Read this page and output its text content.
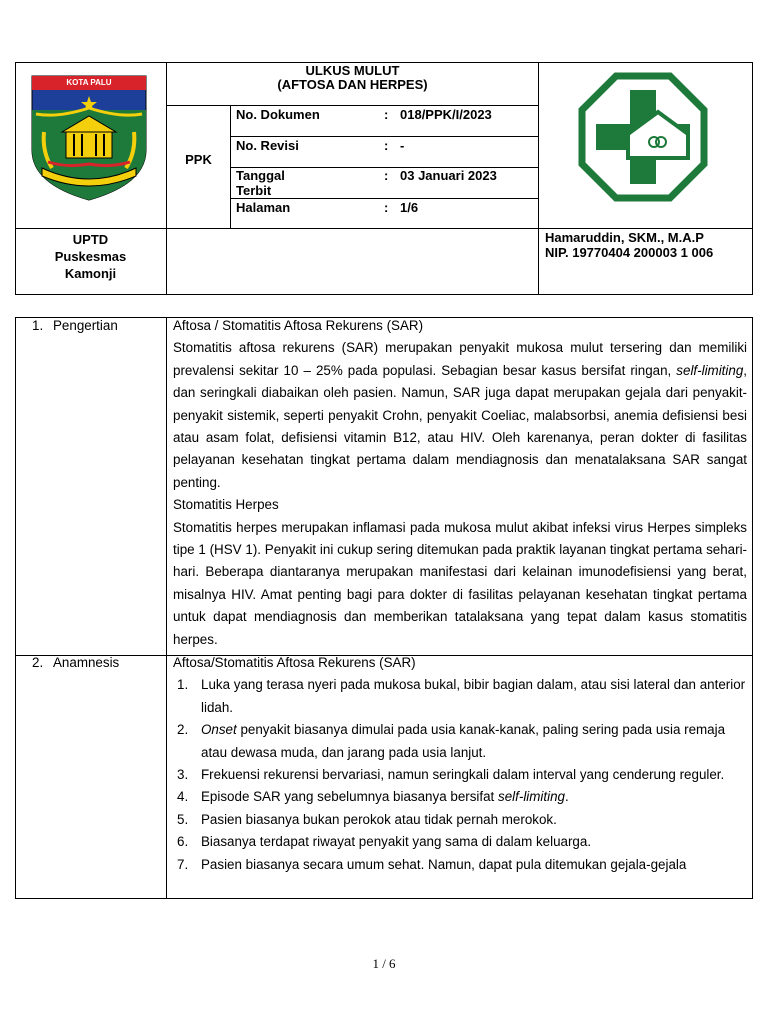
KOTA PALU
ULKUS MULUT
(AFTOSA DAN HERPES)
PPK
No. Dokumen	: 018/PPK/I/2023
No. Revisi	: -
Tanggal
Terbit
: 03 Januari 2023
Halaman	: 1/6
UPTD
Puskesmas
Kamonji
Hamaruddin, SKM., M.A.P
NIP. 19770404 200003 1 006
1. Pengertian	Aftosa / Stomatitis Aftosa Rekurens (SAR)
Stomatitis aftosa rekurens (SAR) merupakan penyakit mukosa mulut tersering dan memiliki prevalensi sekitar 10 – 25% pada populasi. Sebagian besar kasus bersifat ringan, self-limiting, dan seringkali diabaikan oleh pasien. Namun, SAR juga dapat merupakan gejala dari penyakit-penyakit sistemik, seperti penyakit Crohn, penyakit Coeliac, malabsorbsi, anemia defisiensi besi atau asam folat, defisiensi vitamin B12, atau HIV. Oleh karenanya, peran dokter di fasilitas pelayanan kesehatan tingkat pertama dalam mendiagnosis dan menatalaksana SAR sangat penting.
Stomatitis Herpes
Stomatitis herpes merupakan inflamasi pada mukosa mulut akibat infeksi virus Herpes simpleks tipe 1 (HSV 1). Penyakit ini cukup sering ditemukan pada praktik layanan tingkat pertama sehari-hari. Beberapa diantaranya merupakan manifestasi dari kelainan imunodefisiensi yang berat, misalnya HIV. Amat penting bagi para dokter di fasilitas pelayanan kesehatan tingkat pertama untuk dapat mendiagnosis dan memberikan tatalaksana yang tepat dalam kasus stomatitis herpes.
2. Anamnesis	Aftosa/Stomatitis Aftosa Rekurens (SAR)
1. Luka yang terasa nyeri pada mukosa bukal, bibir bagian dalam, atau sisi lateral dan anterior lidah.
2. Onset penyakit biasanya dimulai pada usia kanak-kanak, paling sering pada usia remaja atau dewasa muda, dan jarang pada usia lanjut.
3. Frekuensi rekurensi bervariasi, namun seringkali dalam interval yang cenderung reguler.
4. Episode SAR yang sebelumnya biasanya bersifat self-limiting.
5. Pasien biasanya bukan perokok atau tidak pernah merokok.
6. Biasanya terdapat riwayat penyakit yang sama di dalam keluarga.
7. Pasien biasanya secara umum sehat. Namun, dapat pula ditemukan gejala-gejala
1 / 6
